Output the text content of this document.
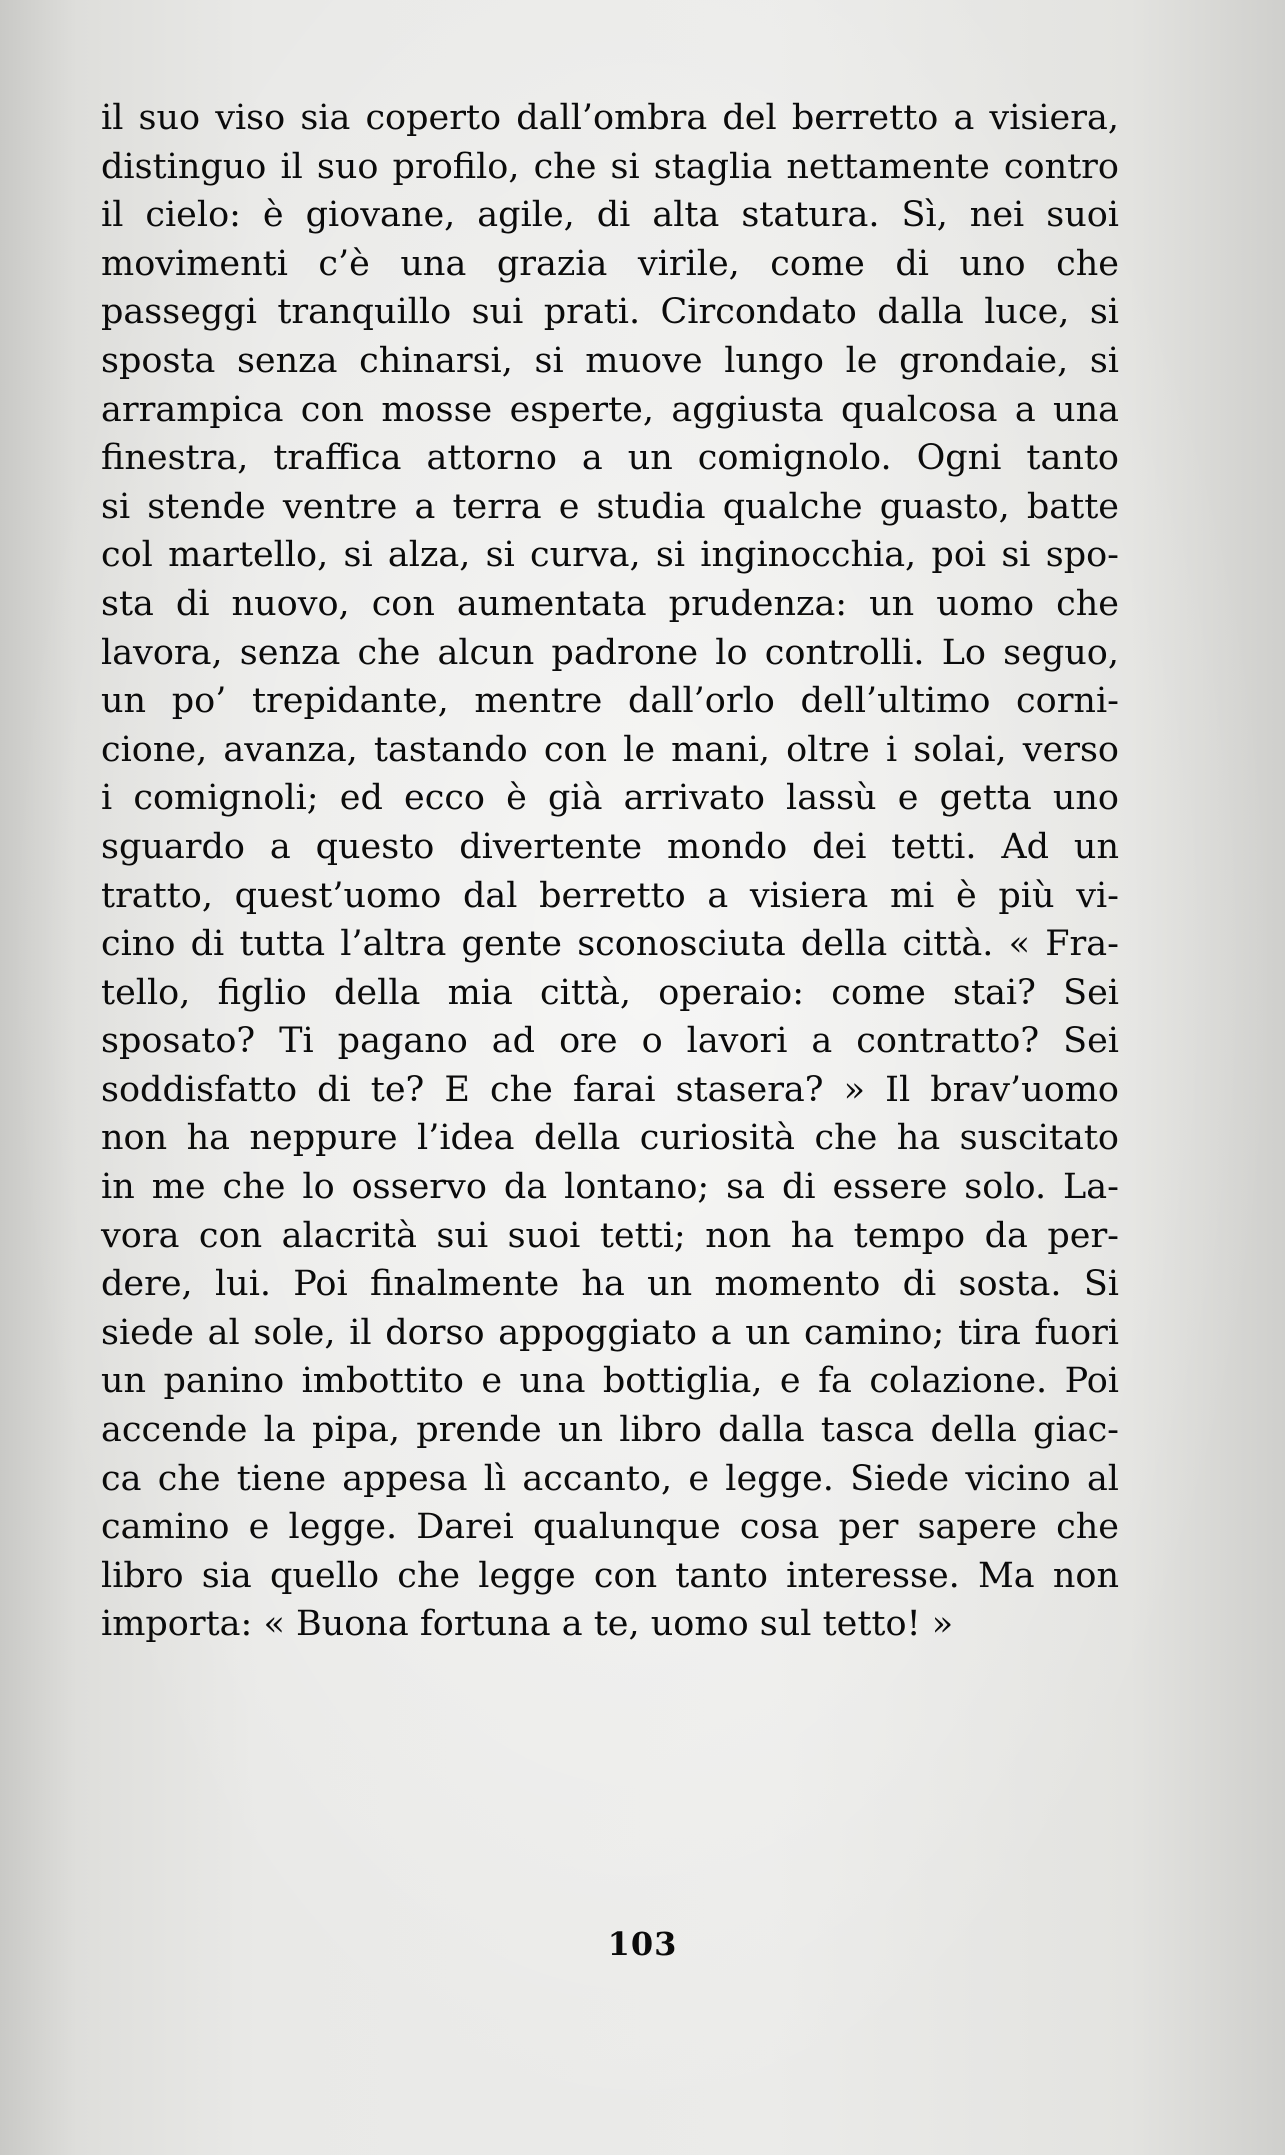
il suo viso sia coperto dall’ombra del berretto a visiera,
distinguo il suo profilo, che si staglia nettamente contro
il cielo: è giovane, agile, di alta statura. Sì, nei suoi
movimenti c’è una grazia virile, come di uno che
passeggi tranquillo sui prati. Circondato dalla luce, si
sposta senza chinarsi, si muove lungo le grondaie, si
arrampica con mosse esperte, aggiusta qualcosa a una
finestra, traffica attorno a un comignolo. Ogni tanto
si stende ventre a terra e studia qualche guasto, batte
col martello, si alza, si curva, si inginocchia, poi si spo-
sta di nuovo, con aumentata prudenza: un uomo che
lavora, senza che alcun padrone lo controlli. Lo seguo,
un po’ trepidante, mentre dall’orlo dell’ultimo corni-
cione, avanza, tastando con le mani, oltre i solai, verso
i comignoli; ed ecco è già arrivato lassù e getta uno
sguardo a questo divertente mondo dei tetti. Ad un
tratto, quest’uomo dal berretto a visiera mi è più vi-
cino di tutta l’altra gente sconosciuta della città. « Fra-
tello, figlio della mia città, operaio: come stai? Sei
sposato? Ti pagano ad ore o lavori a contratto? Sei
soddisfatto di te? E che farai stasera? » Il brav’uomo
non ha neppure l’idea della curiosità che ha suscitato
in me che lo osservo da lontano; sa di essere solo. La-
vora con alacrità sui suoi tetti; non ha tempo da per-
dere, lui. Poi finalmente ha un momento di sosta. Si
siede al sole, il dorso appoggiato a un camino; tira fuori
un panino imbottito e una bottiglia, e fa colazione. Poi
accende la pipa, prende un libro dalla tasca della giac-
ca che tiene appesa lì accanto, e legge. Siede vicino al
camino e legge. Darei qualunque cosa per sapere che
libro sia quello che legge con tanto interesse. Ma non
importa: « Buona fortuna a te, uomo sul tetto! »
103
